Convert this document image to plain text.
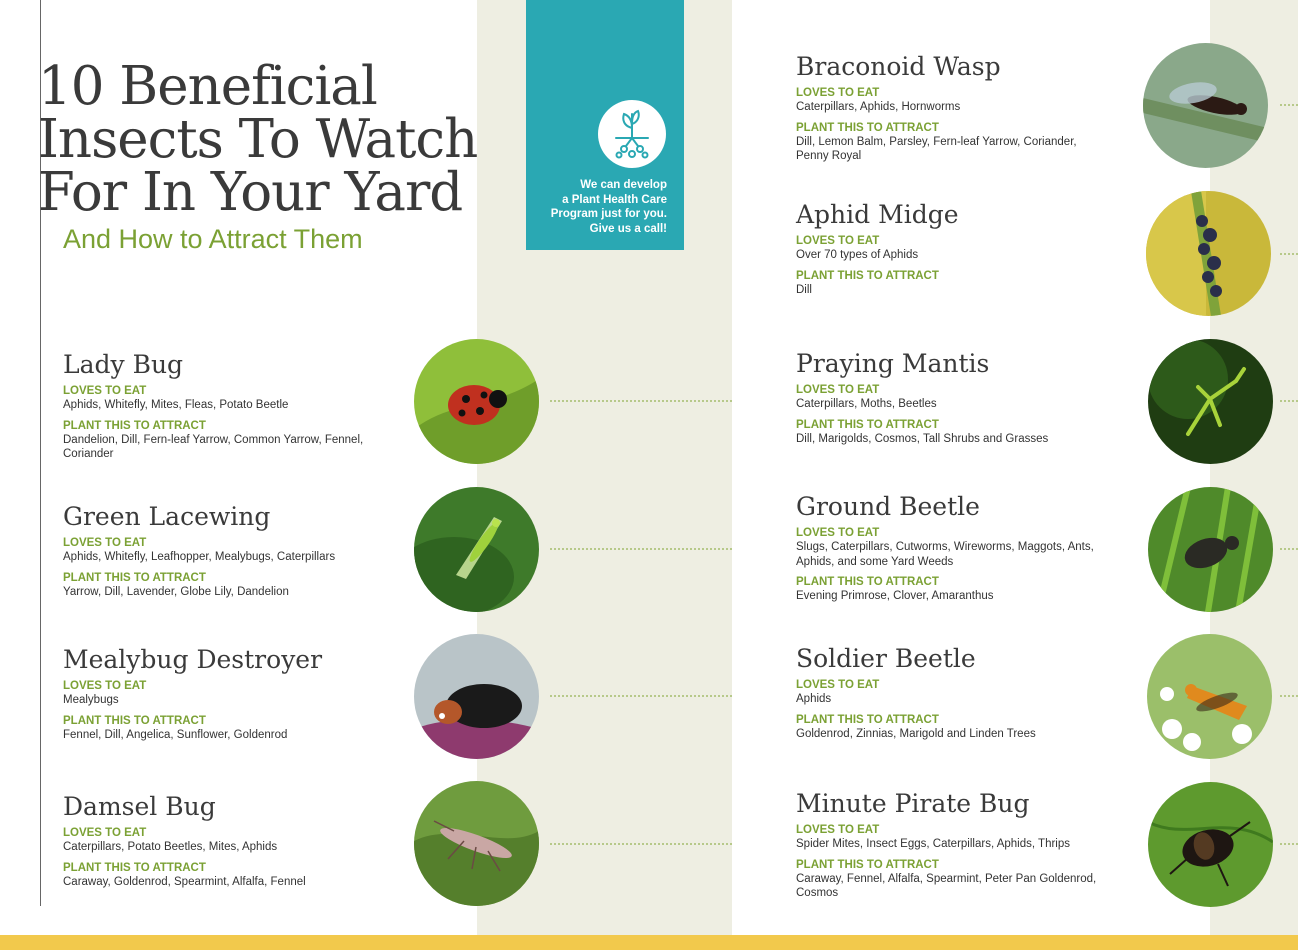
10 Beneficial
Insects To Watch
For In Your Yard
And How to Attract Them
We can develop
a Plant Health Care
Program just for you.
Give us a call!
Lady Bug
LOVES TO EAT
Aphids, Whitefly, Mites, Fleas, Potato Beetle
PLANT THIS TO ATTRACT
Dandelion, Dill, Fern-leaf Yarrow, Common Yarrow, Fennel, Coriander
Green Lacewing
LOVES TO EAT
Aphids, Whitefly, Leafhopper, Mealybugs, Caterpillars
PLANT THIS TO ATTRACT
Yarrow, Dill, Lavender, Globe Lily, Dandelion
Mealybug Destroyer
LOVES TO EAT
Mealybugs
PLANT THIS TO ATTRACT
Fennel, Dill, Angelica, Sunflower, Goldenrod
Damsel Bug
LOVES TO EAT
Caterpillars, Potato Beetles, Mites, Aphids
PLANT THIS TO ATTRACT
Caraway, Goldenrod, Spearmint, Alfalfa, Fennel
Braconoid Wasp
LOVES TO EAT
Caterpillars, Aphids, Hornworms
PLANT THIS TO ATTRACT
Dill, Lemon Balm, Parsley, Fern-leaf Yarrow, Coriander, Penny Royal
Aphid Midge
LOVES TO EAT
Over 70 types of Aphids
PLANT THIS TO ATTRACT
Dill
Praying Mantis
LOVES TO EAT
Caterpillars, Moths, Beetles
PLANT THIS TO ATTRACT
Dill, Marigolds, Cosmos, Tall Shrubs and Grasses
Ground Beetle
LOVES TO EAT
Slugs, Caterpillars, Cutworms, Wireworms, Maggots, Ants, Aphids, and some Yard Weeds
PLANT THIS TO ATTRACT
Evening Primrose, Clover, Amaranthus
Soldier Beetle
LOVES TO EAT
Aphids
PLANT THIS TO ATTRACT
Goldenrod, Zinnias, Marigold and Linden Trees
Minute Pirate Bug
LOVES TO EAT
Spider Mites, Insect Eggs, Caterpillars, Aphids, Thrips
PLANT THIS TO ATTRACT
Caraway, Fennel, Alfalfa, Spearmint, Peter Pan Goldenrod, Cosmos
